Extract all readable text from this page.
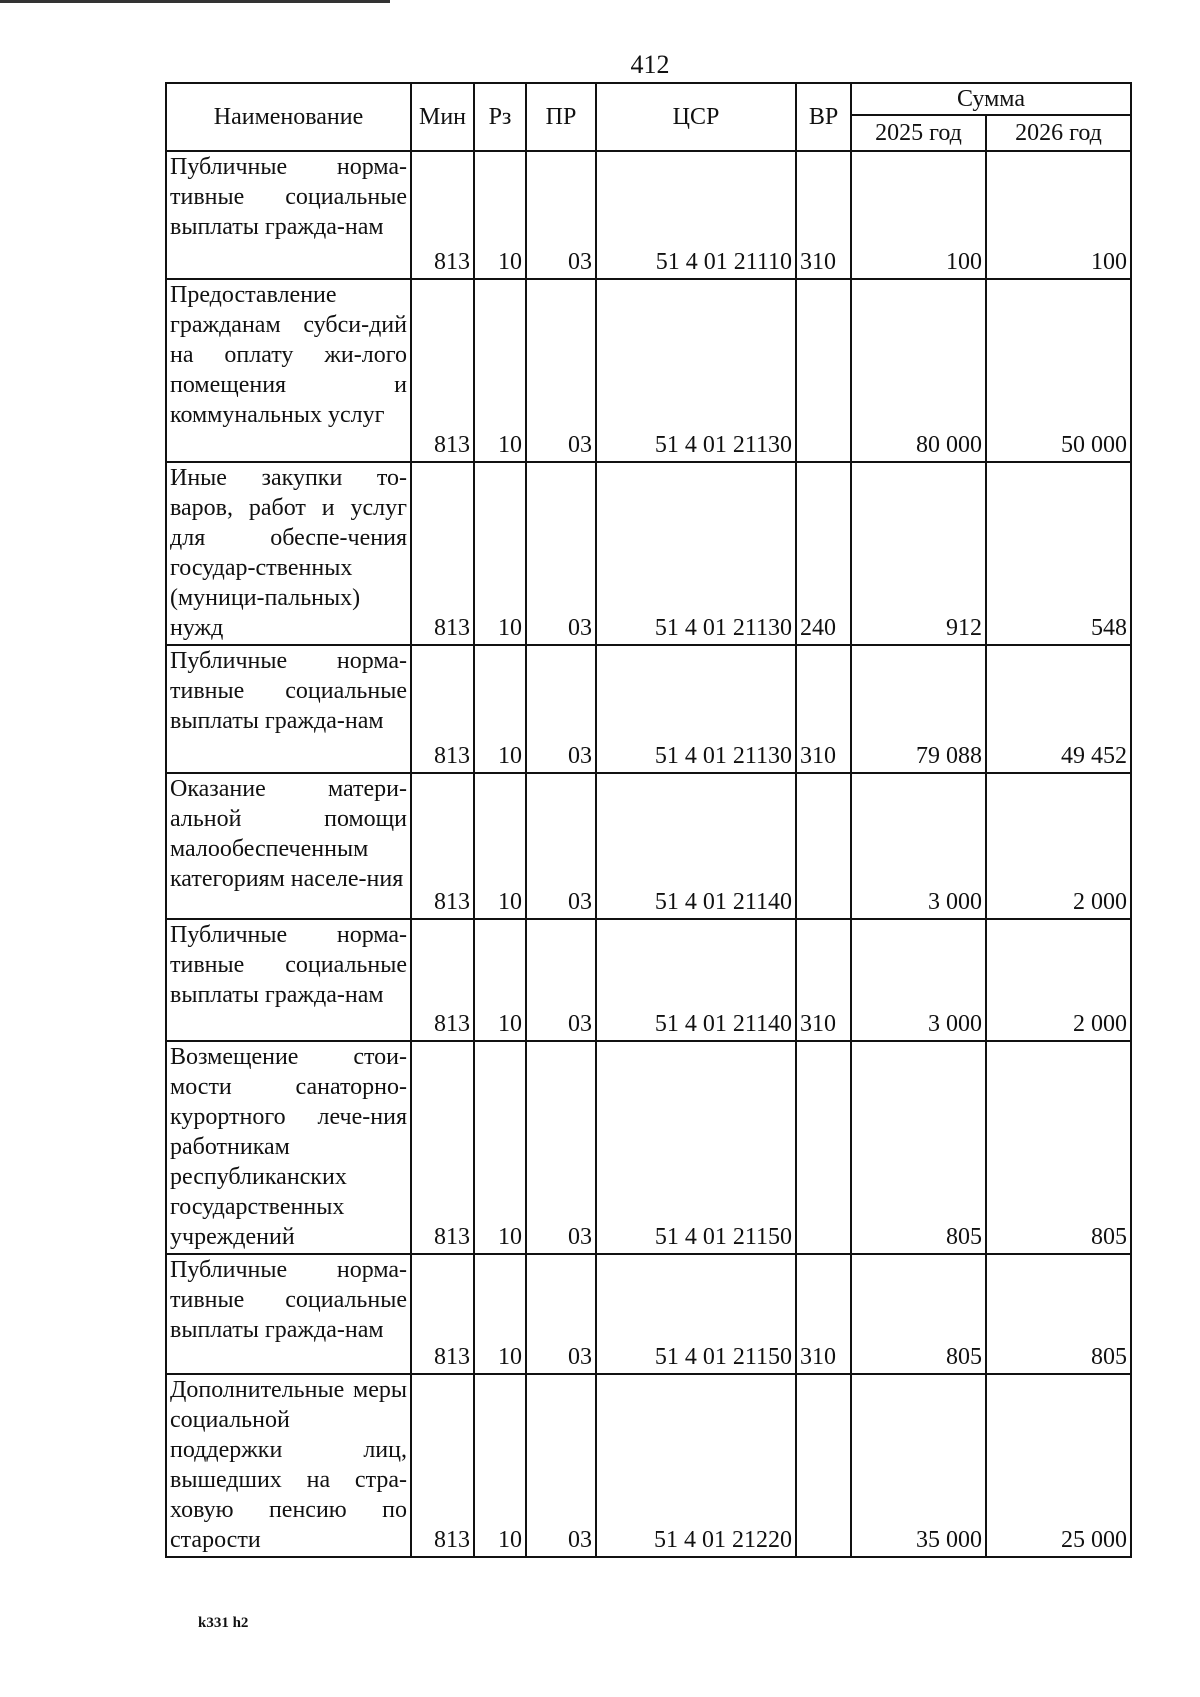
412
Наименование	Мин	Рз	ПР	ЦСР	ВР	Сумма	
						2025 год	2026 год
Публичные норма-тивные социальные выплаты гражда-нам	813	10	03	51 4 01 21110	310	100	100
Предоставление гражданам субси-дий на оплату жи-лого помещения и коммунальных услуг	813	10	03	51 4 01 21130		80 000	50 000
Иные закупки то-варов, работ и услуг для обеспе-чения государ-ственных (муници-пальных) нужд	813	10	03	51 4 01 21130	240	912	548
Публичные норма-тивные социальные выплаты гражда-нам	813	10	03	51 4 01 21130	310	79 088	49 452
Оказание матери-альной помощи малообеспеченным категориям населе-ния	813	10	03	51 4 01 21140		3 000	2 000
Публичные норма-тивные социальные выплаты гражда-нам	813	10	03	51 4 01 21140	310	3 000	2 000
Возмещение стои-мости санаторно-курортного лече-ния работникам республиканских государственных учреждений	813	10	03	51 4 01 21150		805	805
Публичные норма-тивные социальные выплаты гражда-нам	813	10	03	51 4 01 21150	310	805	805
Дополнительные меры социальной поддержки лиц, вышедших на стра-ховую пенсию по старости	813	10	03	51 4 01 21220		35 000	25 000
k331 h2
